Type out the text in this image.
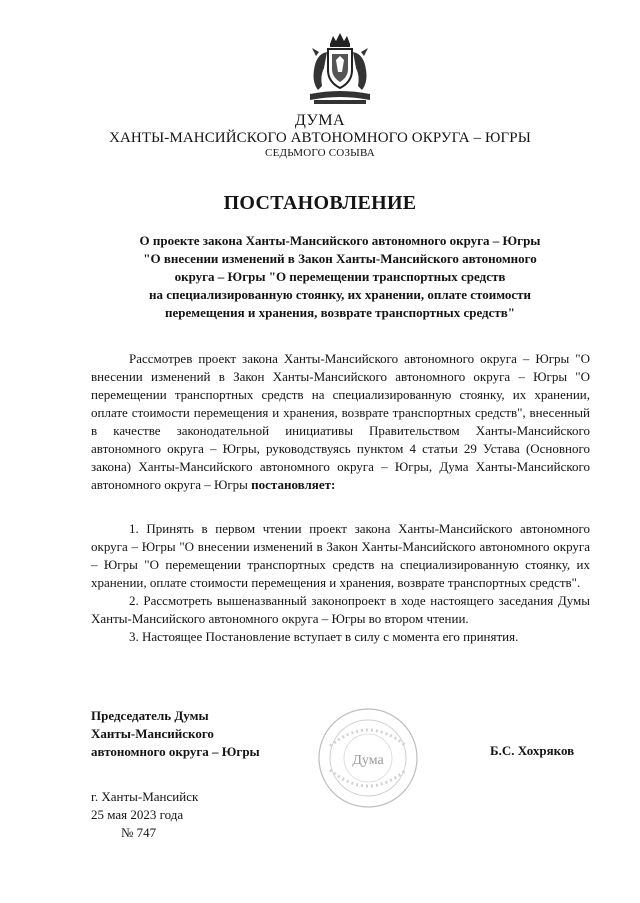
ДУМА
ХАНТЫ-МАНСИЙСКОГО АВТОНОМНОГО ОКРУГА – ЮГРЫ
СЕДЬМОГО СОЗЫВА
ПОСТАНОВЛЕНИЕ
О проекте закона Ханты-Мансийского автономного округа – Югры
"О внесении изменений в Закон Ханты-Мансийского автономного
округа – Югры "О перемещении транспортных средств
на специализированную стоянку, их хранении, оплате стоимости
перемещения и хранения, возврате транспортных средств"
Рассмотрев проект закона Ханты-Мансийского автономного округа – Югры "О внесении изменений в Закон Ханты-Мансийского автономного округа – Югры "О перемещении транспортных средств на специализированную стоянку, их хранении, оплате стоимости перемещения и хранения, возврате транспортных средств", внесенный в качестве законодательной инициативы Правительством Ханты-Мансийского автономного округа – Югры, руководствуясь пунктом 4 статьи 29 Устава (Основного закона) Ханты-Мансийского автономного округа – Югры, Дума Ханты-Мансийского автономного округа – Югры постановляет:

1. Принять в первом чтении проект закона Ханты-Мансийского автономного округа – Югры "О внесении изменений в Закон Ханты-Мансийского автономного округа – Югры "О перемещении транспортных средств на специализированную стоянку, их хранении, оплате стоимости перемещения и хранения, возврате транспортных средств".

2. Рассмотреть вышеназванный законопроект в ходе настоящего заседания Думы Ханты-Мансийского автономного округа – Югры во втором чтении.

3. Настоящее Постановление вступает в силу с момента его принятия.

Председатель Думы
Ханты-Мансийского
автономного округа – Югры
Дума
Б.С. Хохряков
г. Ханты-Мансийск
25 мая 2023 года
№ 747
